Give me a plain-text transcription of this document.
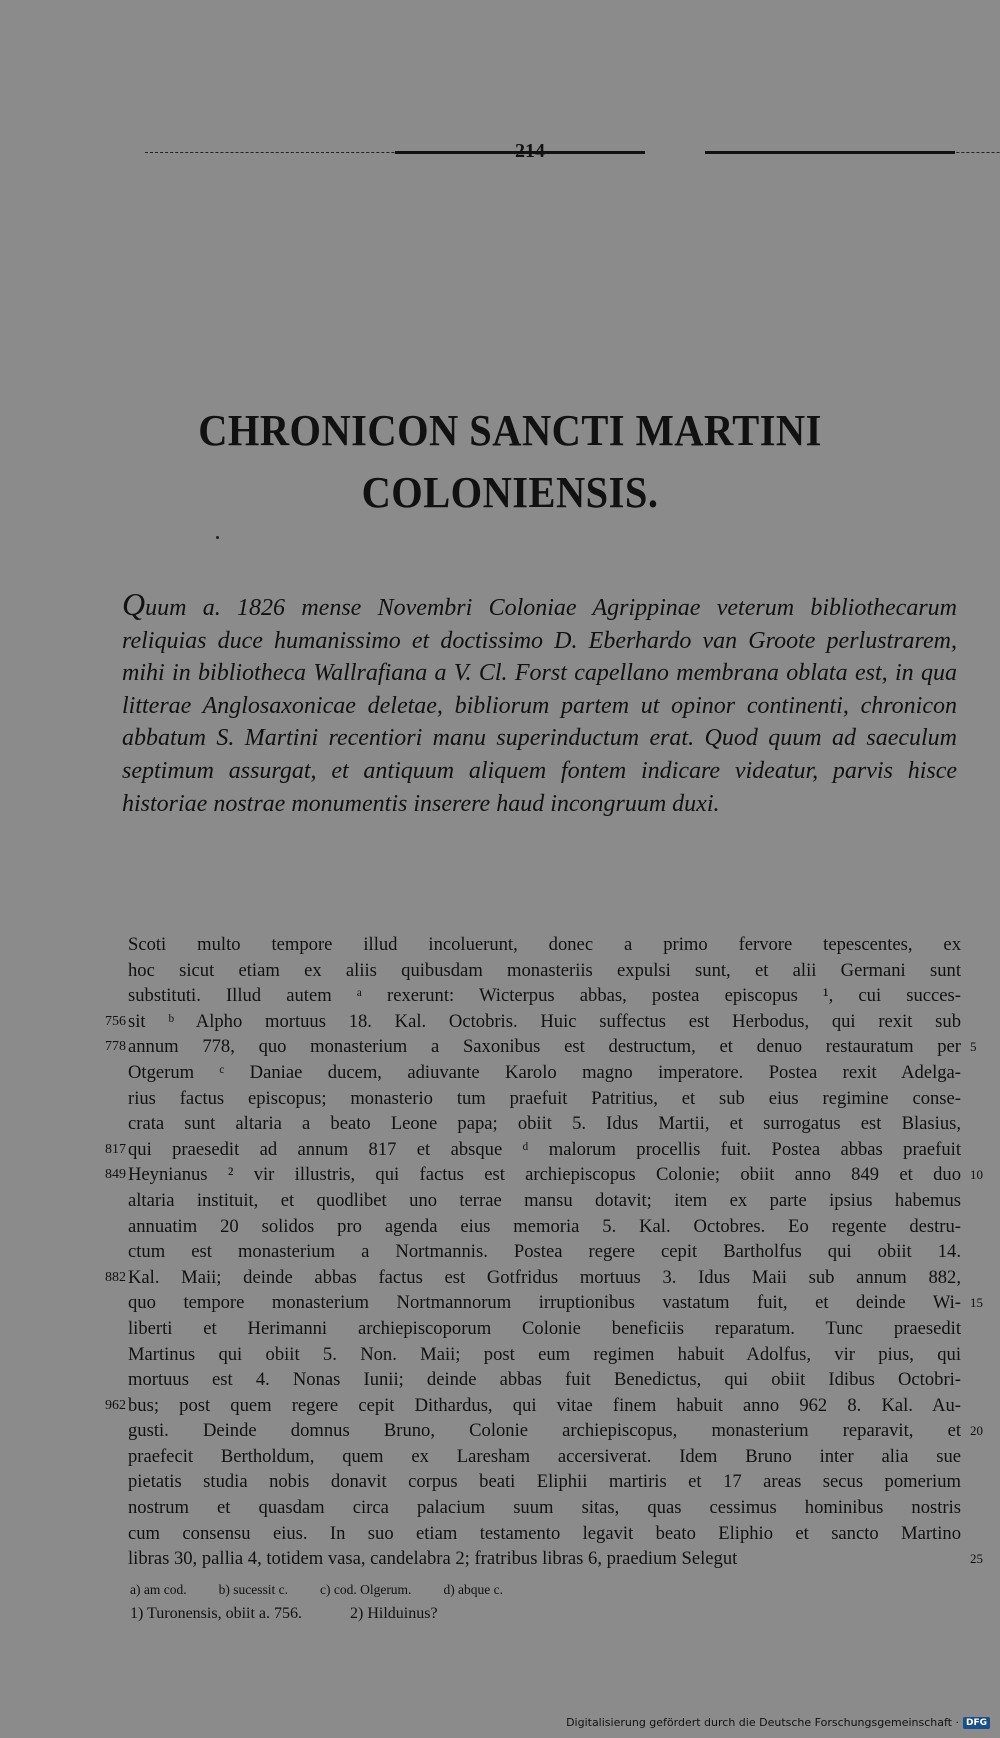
214
CHRONICON SANCTI MARTINI
COLONIENSIS.
Quum a. 1826 mense Novembri Coloniae Agrippinae veterum bibliothecarum reliquias duce humanissimo et doctissimo D. Eberhardo van Groote perlustrarem, mihi in bibliotheca Wallrafiana a V. Cl. Forst capellano membrana oblata est, in qua litterae Anglosaxonicae deletae, bibliorum partem ut opinor continenti, chronicon abbatum S. Martini recentiori manu superinductum erat. Quod quum ad saeculum septimum assurgat, et antiquum aliquem fontem indicare videatur, parvis hisce historiae nostrae monumentis inserere haud incongruum duxi.
Scoti multo tempore illud incoluerunt, donec a primo fervore tepescentes, ex
hoc sicut etiam ex aliis quibusdam monasteriis expulsi sunt, et alii Germani sunt
substituti. Illud autem ᵃ rexerunt: Wicterpus abbas, postea episcopus ¹, cui succes-
756 sit ᵇ Alpho mortuus 18. Kal. Octobris. Huic suffectus est Herbodus, qui rexit sub
778 annum 778, quo monasterium a Saxonibus est destructum, et denuo restauratum per 5
Otgerum ᶜ Daniae ducem, adiuvante Karolo magno imperatore. Postea rexit Adelga-
rius factus episcopus; monasterio tum praefuit Patritius, et sub eius regimine conse-
crata sunt altaria a beato Leone papa; obiit 5. Idus Martii, et surrogatus est Blasius,
817 qui praesedit ad annum 817 et absque ᵈ malorum procellis fuit. Postea abbas praefuit
849 Heynianus ² vir illustris, qui factus est archiepiscopus Colonie; obiit anno 849 et duo 10
altaria instituit, et quodlibet uno terrae mansu dotavit; item ex parte ipsius habemus
annuatim 20 solidos pro agenda eius memoria 5. Kal. Octobres. Eo regente destru-
ctum est monasterium a Nortmannis. Postea regere cepit Bartholfus qui obiit 14.
882 Kal. Maii; deinde abbas factus est Gotfridus mortuus 3. Idus Maii sub annum 882,
quo tempore monasterium Nortmannorum irruptionibus vastatum fuit, et deinde Wi- 15
liberti et Herimanni archiepiscoporum Colonie beneficiis reparatum. Tunc praesedit
Martinus qui obiit 5. Non. Maii; post eum regimen habuit Adolfus, vir pius, qui
mortuus est 4. Nonas Iunii; deinde abbas fuit Benedictus, qui obiit Idibus Octobri-
962 bus; post quem regere cepit Dithardus, qui vitae finem habuit anno 962 8. Kal. Au-
gusti. Deinde domnus Bruno, Colonie archiepiscopus, monasterium reparavit, et 20
praefecit Bertholdum, quem ex Laresham accersiverat. Idem Bruno inter alia sue
pietatis studia nobis donavit corpus beati Eliphii martiris et 17 areas secus pomerium
nostrum et quasdam circa palacium suum sitas, quas cessimus hominibus nostris
cum consensu eius. In suo etiam testamento legavit beato Eliphio et sancto Martino
libras 30, pallia 4, totidem vasa, candelabra 2; fratribus libras 6, praedium Selegut	25
a) am cod. b) sucessit c. c) cod. Olgerum. d) abque c.
1) Turonensis, obiit a. 756.	2) Hilduinus?
Digitalisierung gefördert durch die Deutsche Forschungsgemeinschaft · DFG
